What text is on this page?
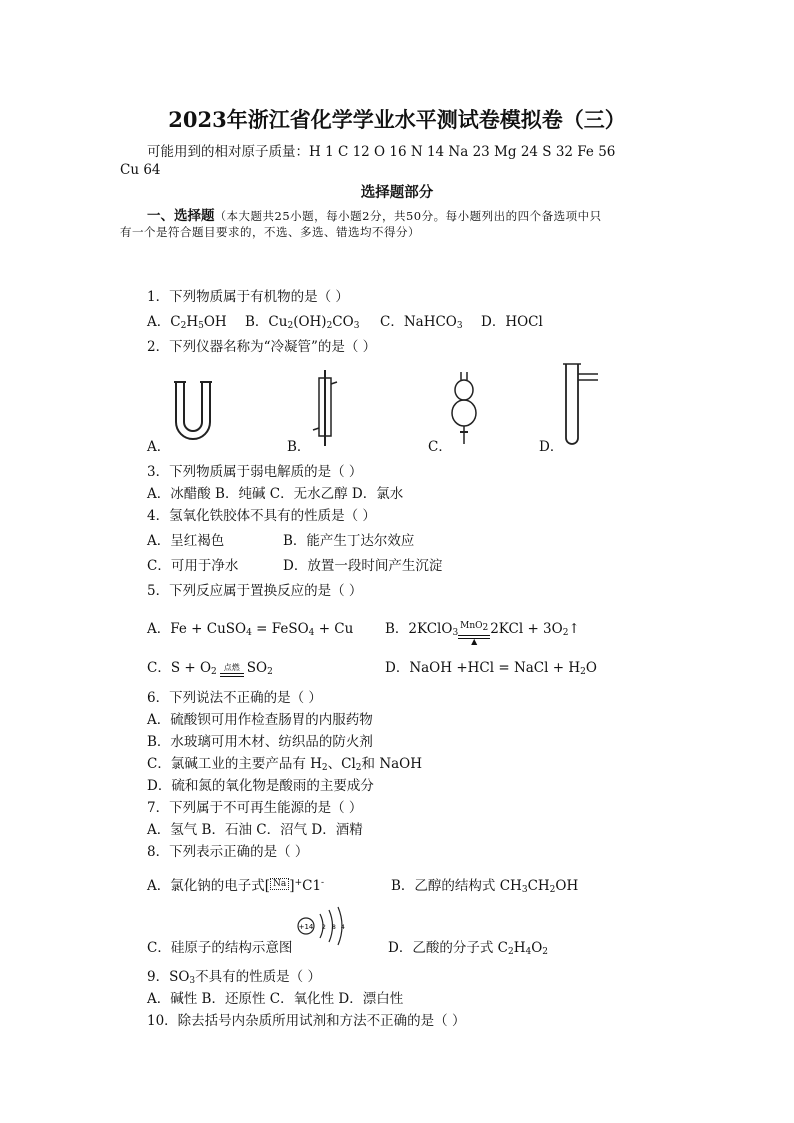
2023年浙江省化学学业水平测试卷模拟卷（三）
可能用到的相对原子质量：H 1 C 12 O 16 N 14 Na 23 Mg 24 S 32 Fe 56
Cu 64
选择题部分
一、选择题（本大题共25小题，每小题2分，共50分。每小题列出的四个备选项中只
有一个是符合题目要求的，不选、多选、错选均不得分）
1．下列物质属于有机物的是（ ）
A．$C_2H_5OH$ B．$Cu_2(OH)_2CO_3$ C．NaHCO$_3$ D．HOCl
2．下列仪器名称为“冷凝管”的是（ ）
A．	B．	C．	D．
3．下列物质属于弱电解质的是（ ）
A．冰醋酸 B．纯碱 C．无水乙醇 D．氯水
4．氢氧化铁胶体不具有的性质是（ ）
A．呈红褐色	B．能产生丁达尔效应
C．可用于净水	D．放置一段时间产生沉淀
5．下列反应属于置换反应的是（ ）
A．Fe + CuSO$_4$ = FeSO$_4$ + Cu B．2KClO$_3$
MnO$_2$
▲
$2KCl + 3O_2↑$
C．$S + O_2$ 点燃 $SO_2$	D．NaOH +HCl = NaCl + $H_2O$
6．下列说法不正确的是（ ）
A．硫酸钡可用作检查肠胃的内服药物
B．水玻璃可用木材、纺织品的防火剂
C．氯碱工业的主要产品有 $H_2$、$Cl_2$和 NaOH
D．硫和氮的氧化物是酸雨的主要成分
7．下列属于不可再生能源的是（ ）
A．氢气 B．石油 C．沼气 D．酒精
8．下列表示正确的是（ ）
A．氯化钠的电子式[ Na ]+C1-	B．乙醇的结构式 $CH_3CH_2OH$
+14 2 8 4
C．硅原子的结构示意图	D．乙酸的分子式 $C_2H_4O_2$
9．$SO_3$不具有的性质是（ ）
A．碱性 B．还原性 C．氧化性 D．漂白性
10．除去括号内杂质所用试剂和方法不正确的是（ ）
